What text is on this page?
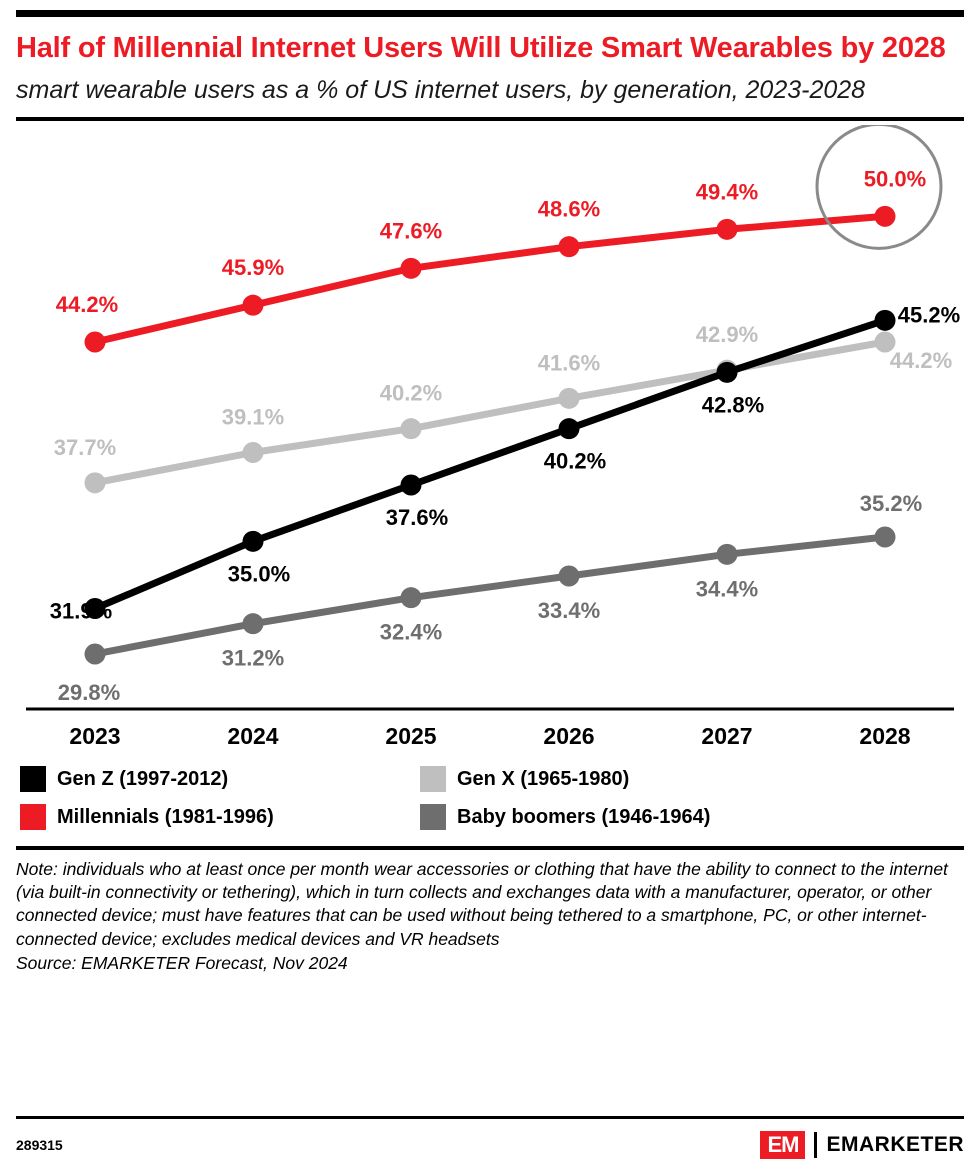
Half of Millennial Internet Users Will Utilize Smart Wearables by 2028
smart wearable users as a % of US internet users, by generation, 2023-2028
37.7%
39.1%
40.2%
41.6%
42.9%
44.2%
29.8%
31.2%
32.4%
33.4%
34.4%
35.2%
31.9%
35.0%
37.6%
40.2%
42.8%
45.2%
44.2%
45.9%
47.6%
48.6%
49.4%
50.0%
2023	2024	2025	2026	2027	2028
Gen Z (1997-2012)	Gen X (1965-1980)
Millennials (1981-1996)	Baby boomers (1946-1964)
Note: individuals who at least once per month wear accessories or clothing that have the ability to connect to the internet (via built-in connectivity or tethering), which in turn collects and exchanges data with a manufacturer, operator, or other connected device; must have features that can be used without being tethered to a smartphone, PC, or other internet-connected device; excludes medical devices and VR headsets
Source: EMARKETER Forecast, Nov 2024
289315	EM	EMARKETER
